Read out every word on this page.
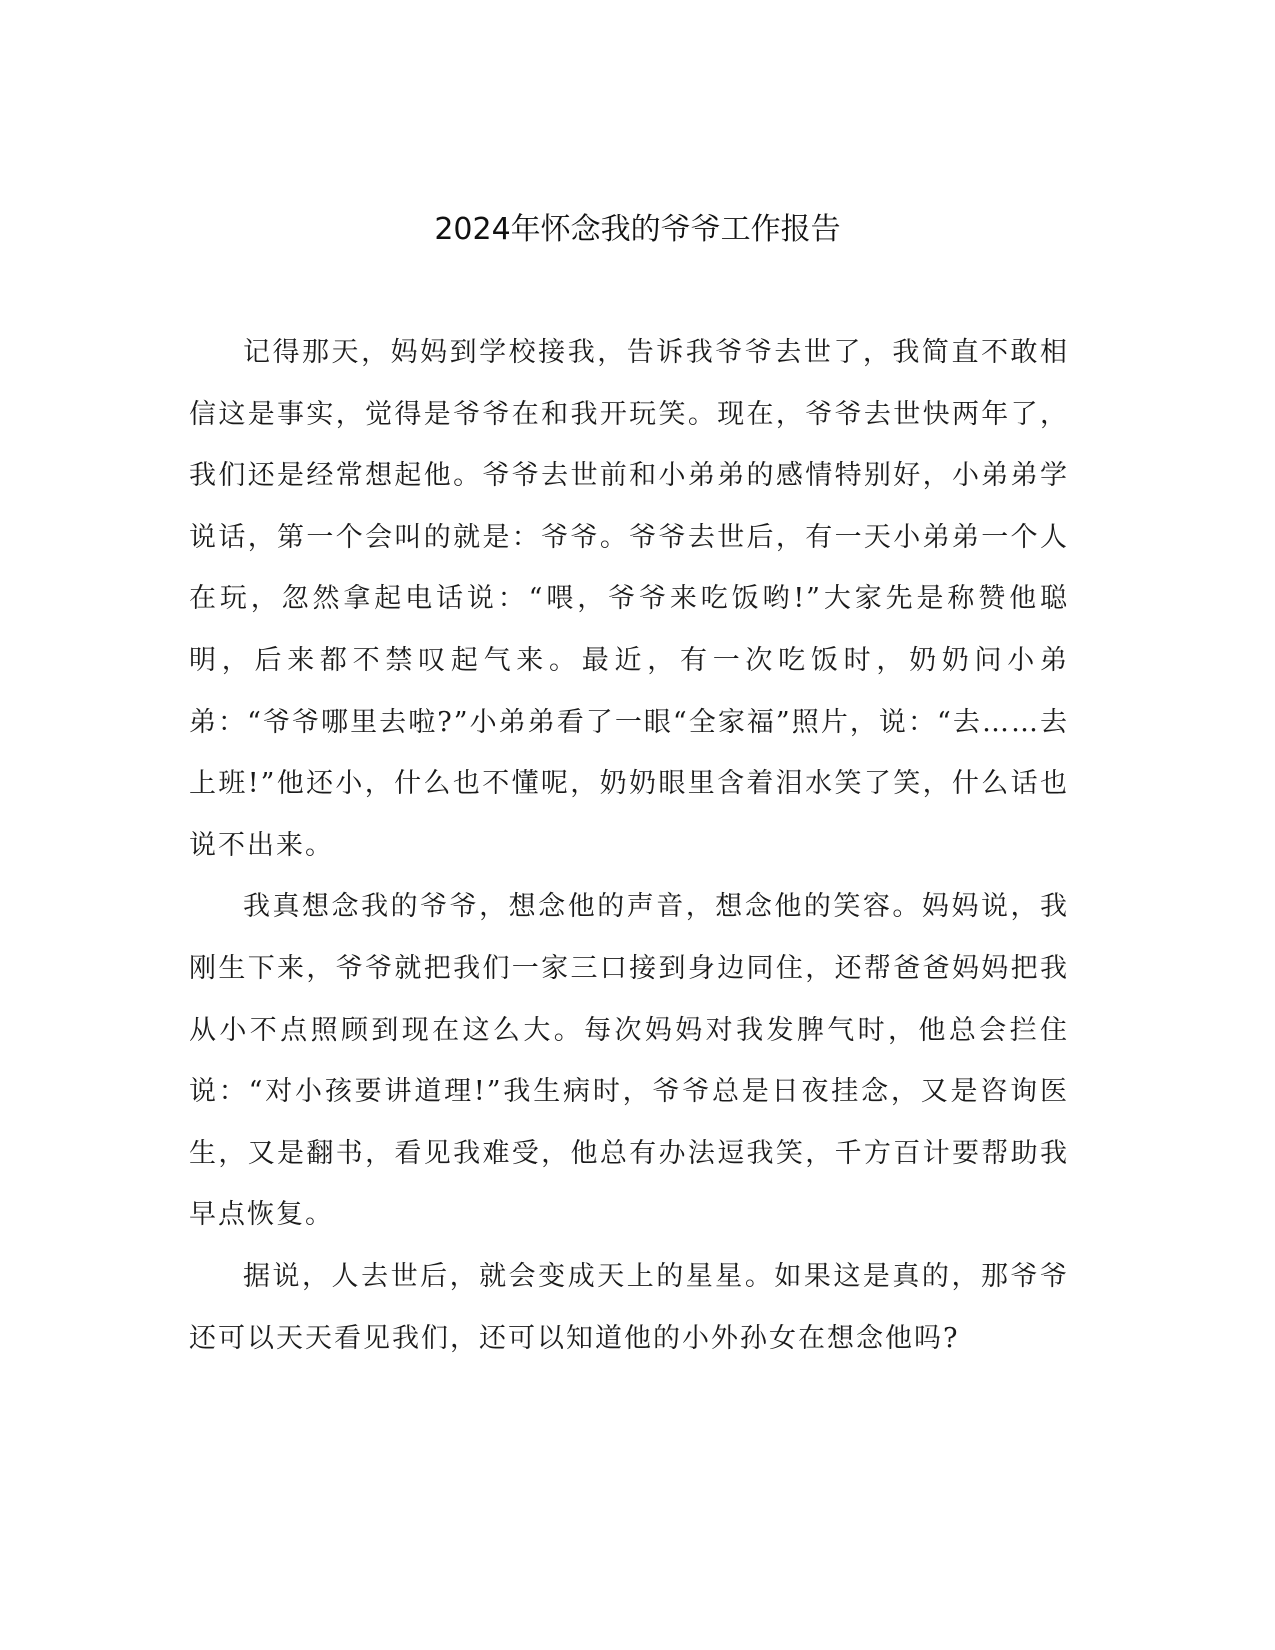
2024年怀念我的爷爷工作报告

记得那天，妈妈到学校接我，告诉我爷爷去世了，我简直不敢相信这是事实，觉得是爷爷在和我开玩笑。现在，爷爷去世快两年了，我们还是经常想起他。爷爷去世前和小弟弟的感情特别好，小弟弟学说话，第一个会叫的就是：爷爷。爷爷去世后，有一天小弟弟一个人在玩，忽然拿起电话说：“喂，爷爷来吃饭哟!”大家先是称赞他聪明，后来都不禁叹起气来。最近，有一次吃饭时，奶奶问小弟弟：“爷爷哪里去啦?”小弟弟看了一眼“全家福”照片，说：“去……去上班!”他还小，什么也不懂呢，奶奶眼里含着泪水笑了笑，什么话也说不出来。

我真想念我的爷爷，想念他的声音，想念他的笑容。妈妈说，我刚生下来，爷爷就把我们一家三口接到身边同住，还帮爸爸妈妈把我从小不点照顾到现在这么大。每次妈妈对我发脾气时，他总会拦住说：“对小孩要讲道理!”我生病时，爷爷总是日夜挂念，又是咨询医生，又是翻书，看见我难受，他总有办法逗我笑，千方百计要帮助我早点恢复。

据说，人去世后，就会变成天上的星星。如果这是真的，那爷爷还可以天天看见我们，还可以知道他的小外孙女在想念他吗?
